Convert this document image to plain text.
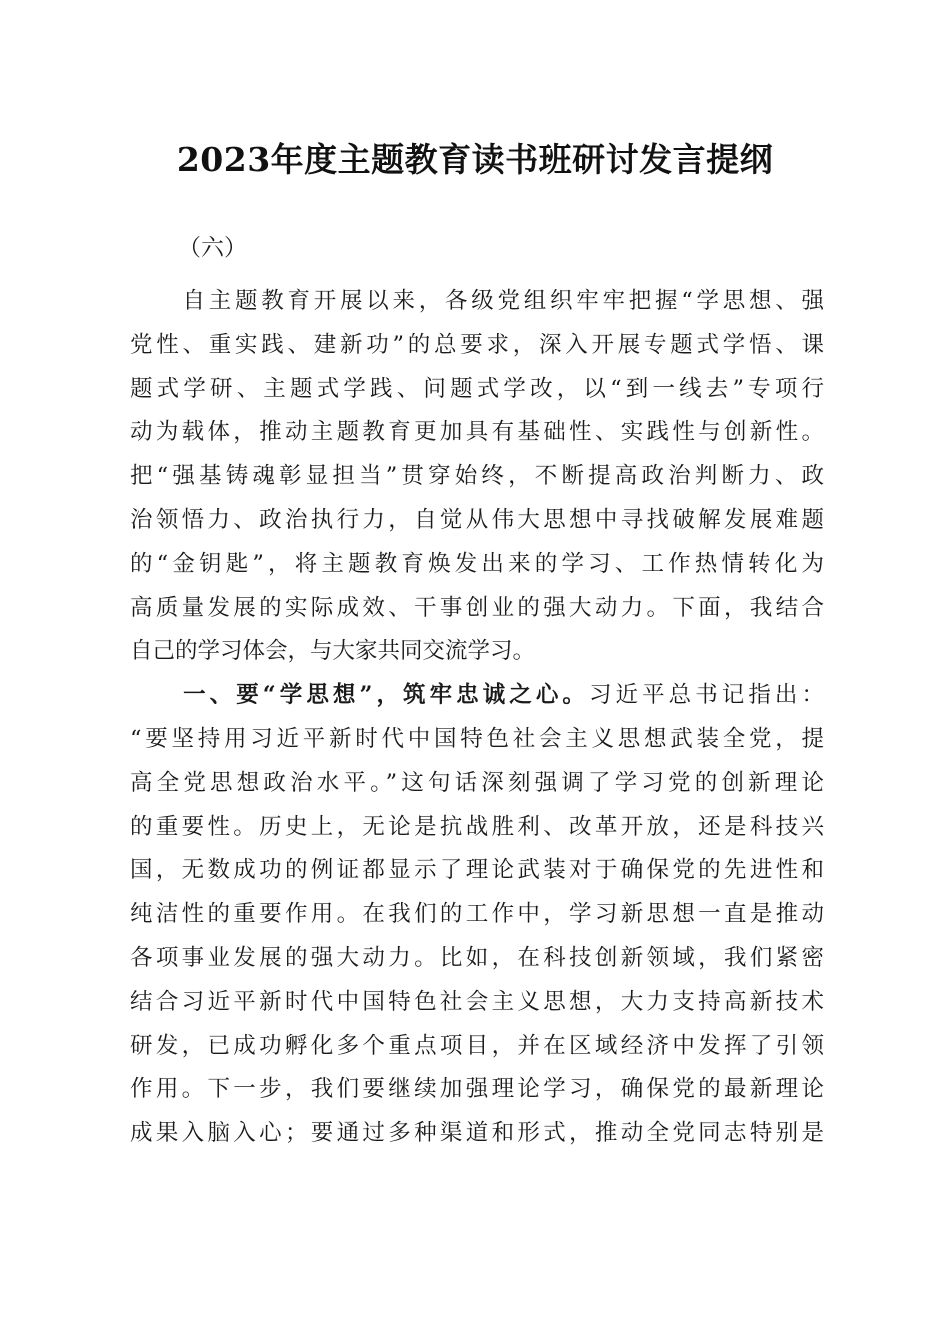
2023年度主题教育读书班研讨发言提纲
（六）
　　自主题教育开展以来，各级党组织牢牢把握“学思想、强
党性、重实践、建新功”的总要求，深入开展专题式学悟、课
题式学研、主题式学践、问题式学改，以“到一线去”专项行
动为载体，推动主题教育更加具有基础性、实践性与创新性。
把“强基铸魂彰显担当”贯穿始终，不断提高政治判断力、政
治领悟力、政治执行力，自觉从伟大思想中寻找破解发展难题
的“金钥匙”，将主题教育焕发出来的学习、工作热情转化为
高质量发展的实际成效、干事创业的强大动力。下面，我结合
自己的学习体会，与大家共同交流学习。
　　一、要“学思想”，筑牢忠诚之心。习近平总书记指出：
“要坚持用习近平新时代中国特色社会主义思想武装全党，提
高全党思想政治水平。”这句话深刻强调了学习党的创新理论
的重要性。历史上，无论是抗战胜利、改革开放，还是科技兴
国，无数成功的例证都显示了理论武装对于确保党的先进性和
纯洁性的重要作用。在我们的工作中，学习新思想一直是推动
各项事业发展的强大动力。比如，在科技创新领域，我们紧密
结合习近平新时代中国特色社会主义思想，大力支持高新技术
研发，已成功孵化多个重点项目，并在区域经济中发挥了引领
作用。下一步，我们要继续加强理论学习，确保党的最新理论
成果入脑入心；要通过多种渠道和形式，推动全党同志特别是
